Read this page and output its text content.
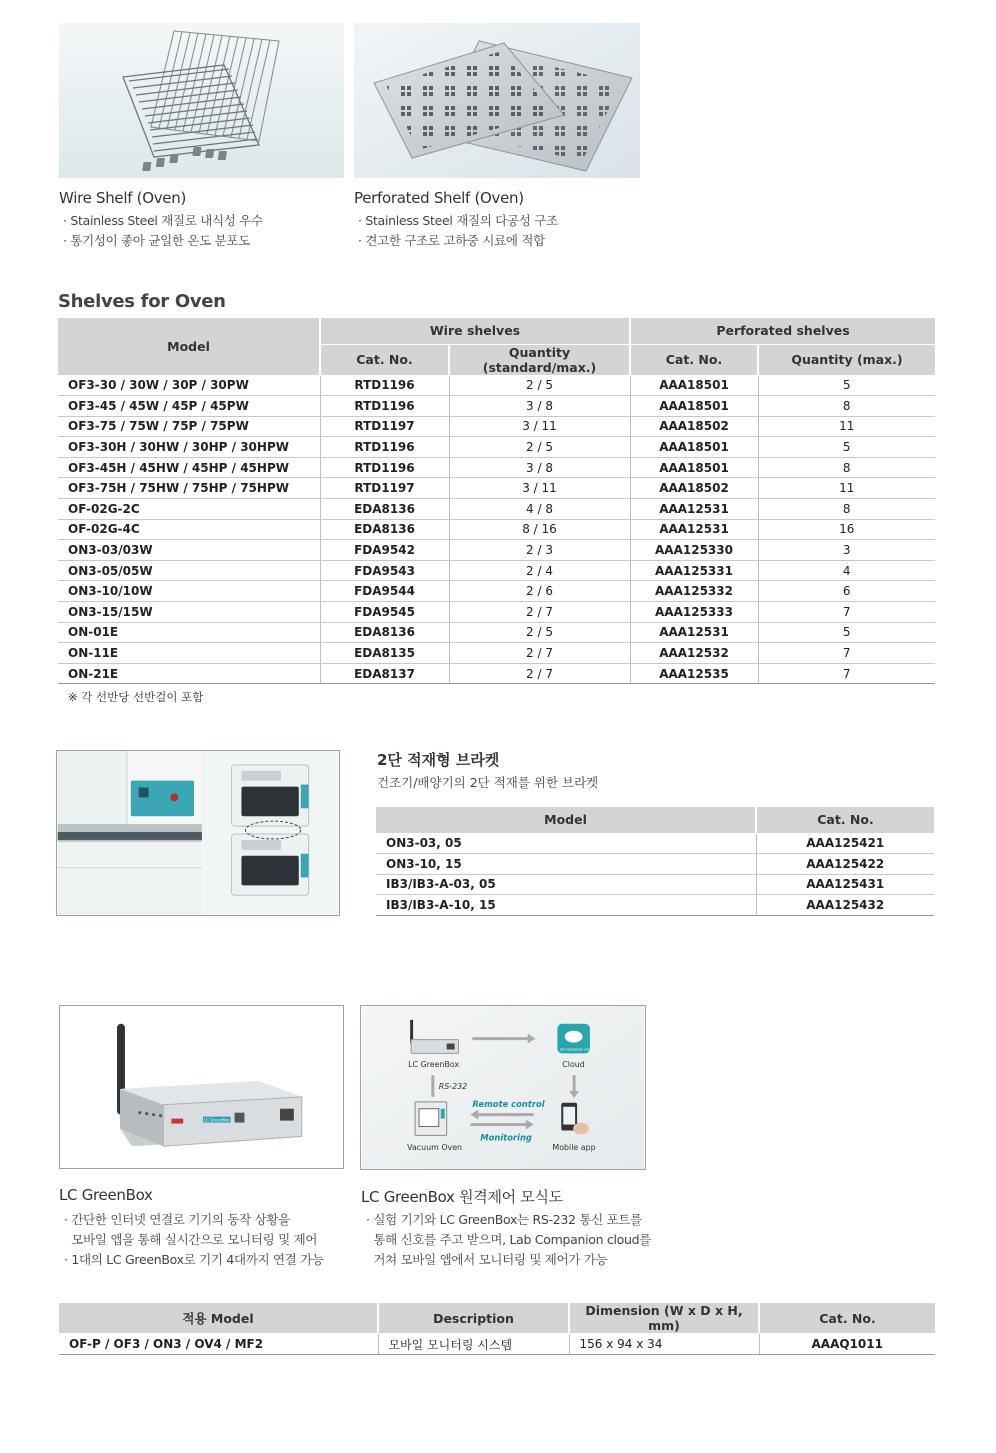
Wire Shelf (Oven)
· Stainless Steel 재질로 내식성 우수
· 통기성이 좋아 균일한 온도 분포도
Perforated Shelf (Oven)
· Stainless Steel 재질의 다공성 구조
· 견고한 구조로 고하중 시료에 적합
Shelves for Oven
Model	Wire shelves		Perforated shelves	
	Cat. No.	Quantity (standard/max.)	Cat. No.	Quantity (max.)
OF3-30 / 30W / 30P / 30PW	RTD1196	2 / 5	AAA18501	5
OF3-45 / 45W / 45P / 45PW	RTD1196	3 / 8	AAA18501	8
OF3-75 / 75W / 75P / 75PW	RTD1197	3 / 11	AAA18502	11
OF3-30H / 30HW / 30HP / 30HPW	RTD1196	2 / 5	AAA18501	5
OF3-45H / 45HW / 45HP / 45HPW	RTD1196	3 / 8	AAA18501	8
OF3-75H / 75HW / 75HP / 75HPW	RTD1197	3 / 11	AAA18502	11
OF-02G-2C	EDA8136	4 / 8	AAA12531	8
OF-02G-4C	EDA8136	8 / 16	AAA12531	16
ON3-03/03W	FDA9542	2 / 3	AAA125330	3
ON3-05/05W	FDA9543	2 / 4	AAA125331	4
ON3-10/10W	FDA9544	2 / 6	AAA125332	6
ON3-15/15W	FDA9545	2 / 7	AAA125333	7
ON-01E	EDA8136	2 / 5	AAA12531	5
ON-11E	EDA8135	2 / 7	AAA12532	7
ON-21E	EDA8137	2 / 7	AAA12535	7
※ 각 선반당 선반걸이 포함
2단 적재형 브라켓
건조기/배양기의 2단 적재를 위한 브라켓
Model	Cat. No.
ON3-03, 05	AAA125421
ON3-10, 15	AAA125422
IB3/IB3-A-03, 05	AAA125431
IB3/IB3-A-10, 15	AAA125432
LC GreenBox
LC GreenBox
lab companion cloud
Cloud
RS-232
Vacuum Oven
Remote control
Monitoring
Mobile app
LC GreenBox
· 간단한 인터넷 연결로 기기의 동작 상황을
모바일 앱을 통해 실시간으로 모니터링 및 제어
· 1대의 LC GreenBox로 기기 4대까지 연결 가능
LC GreenBox 원격제어 모식도
· 실험 기기와 LC GreenBox는 RS-232 통신 포트를
통해 신호를 주고 받으며, Lab Companion cloud를
거쳐 모바일 앱에서 모니터링 및 제어가 가능
적용 Model	Description	Dimension (W x D x H, mm)	Cat. No.
OF-P / OF3 / ON3 / OV4 / MF2	모바일 모니터링 시스템	156 x 94 x 34	AAAQ1011
